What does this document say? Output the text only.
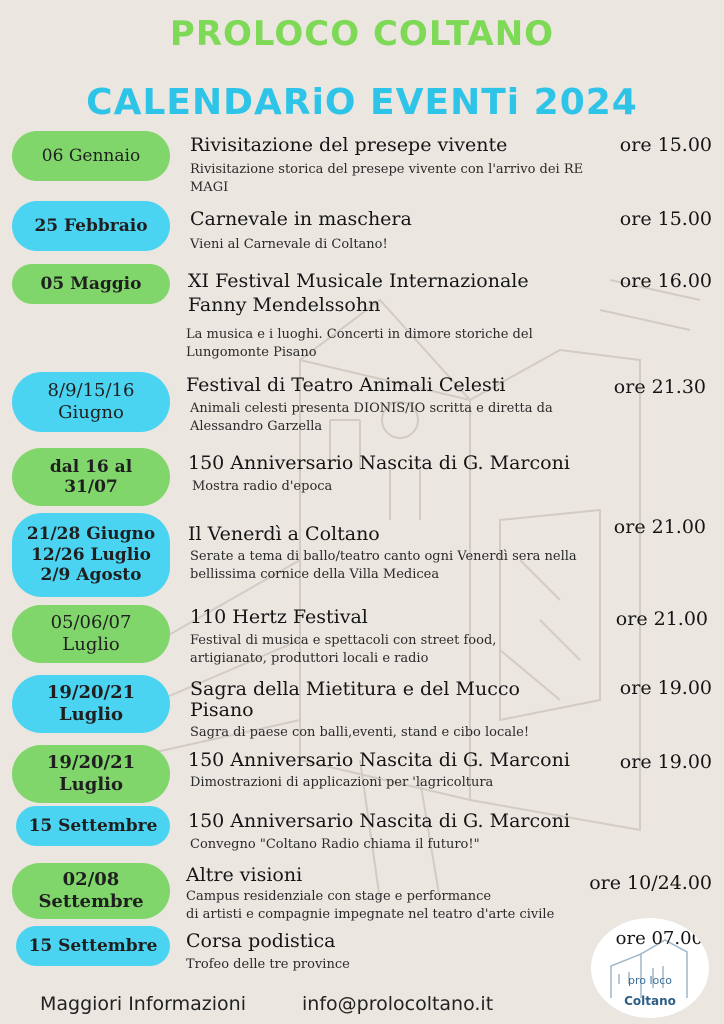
PROLOCO COLTANO
CALENDARiO EVENTi 2024
06 Gennaio	Rivisitazione del presepe vivente
Rivisitazione storica del presepe vivente con l'arrivo dei RE MAGI
ore 15.00
25 Febbraio Carnevale in maschera
Vieni al Carnevale di Coltano!
ore 15.00
05 Maggio XI Festival Musicale Internazionale
Fanny Mendelssohn
La musica e i luoghi. Concerti in dimore storiche del Lungomonte Pisano
ore 16.00
8/9/15/16
Giugno
Festival di Teatro Animali Celesti
Animali celesti presenta DIONIS/IO scritta e diretta da Alessandro Garzella
ore 21.30
dal 16 al
31/07
150 Anniversario Nascita di G. Marconi
Mostra radio d'epoca
21/28 Giugno
12/26 Luglio
2/9 Agosto
Il Venerdì a Coltano
Serate a tema di ballo/teatro canto ogni Venerdì sera nella bellissima cornice della Villa Medicea
ore 21.00
05/06/07
Luglio
110 Hertz Festival
Festival di musica e spettacoli con street food, artigianato, produttori locali e radio
ore 21.00
19/20/21
Luglio
Sagra della Mietitura e del Mucco
Pisano
Sagra di paese con balli,eventi, stand e cibo locale!
ore 19.00
19/20/21
Luglio
150 Anniversario Nascita di G. Marconi
Dimostrazioni di applicazioni per 'lagricoltura
ore 19.00
15 Settembre 150 Anniversario Nascita di G. Marconi
Convegno "Coltano Radio chiama il futuro!"
02/08
Settembre
Altre visioni
Campus residenziale con stage e performance
di artisti e compagnie impegnate nel teatro d'arte civile
ore 10/24.00
15 Settembre Corsa podistica
Trofeo delle tre province
ore 07.00
pro loco
Coltano
Maggiori Informazioni	info@prolocoltano.it
